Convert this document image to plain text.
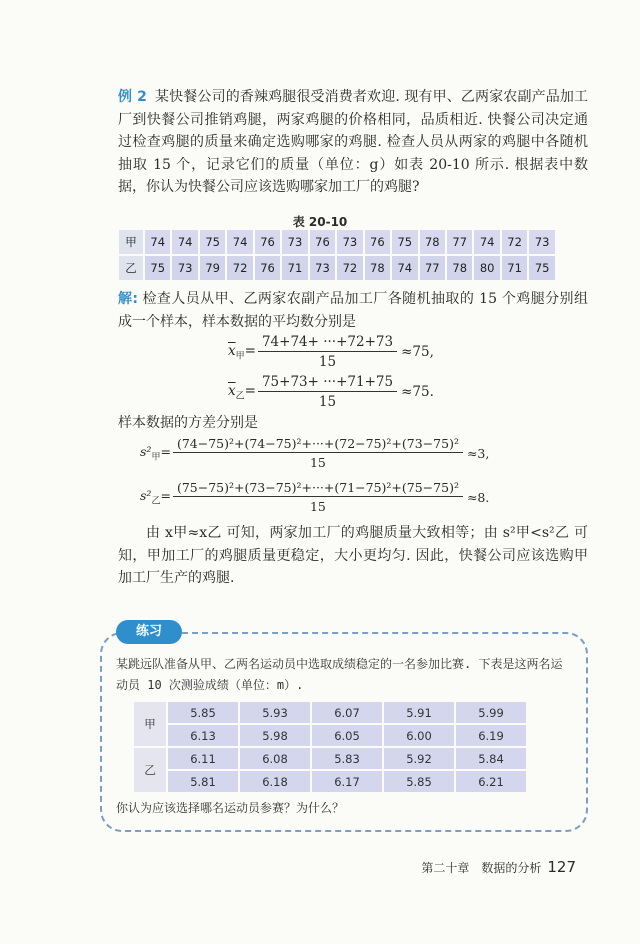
例 2 某快餐公司的香辣鸡腿很受消费者欢迎. 现有甲、乙两家农副产品加工厂到快餐公司推销鸡腿，两家鸡腿的价格相同，品质相近. 快餐公司决定通过检查鸡腿的质量来确定选购哪家的鸡腿. 检查人员从两家的鸡腿中各随机抽取 15 个，记录它们的质量（单位：g）如表 20-10 所示. 根据表中数据，你认为快餐公司应该选购哪家加工厂的鸡腿?
表 20-10
甲	74	74	75	74	76	73	76	73	76	75	78	77	74	72	73
乙	75	73	79	72	76	71	73	72	78	74	77	78	80	71	75
解: 检查人员从甲、乙两家农副产品加工厂各随机抽取的 15 个鸡腿分别组成一个样本，样本数据的平均数分别是
$\overline{x}_甲= \frac{74+74+ \cdot\cdot\cdot+72+73}{15} \approx 75$,
$\overline{x}_乙= \frac{75+73+ \cdot\cdot\cdot+71+75}{15} \approx 75$.
样本数据的方差分别是
$s^2_甲= \frac{\text{(74−75)²+(74−75)²+···+(72−75)²+(73−75)²}}{15} \approx 3$,
$s^2_乙= \frac{\text{(75−75)²+(73−75)²+···+(71−75)²+(75−75)²}}{15} \approx 8$.
由 x甲≈x乙 可知，两家加工厂的鸡腿质量大致相等；由 s²甲<s²乙 可知，甲加工厂的鸡腿质量更稳定，大小更均匀. 因此，快餐公司应该选购甲加工厂生产的鸡腿.
练习
某跳远队准备从甲、乙两名运动员中选取成绩稳定的一名参加比赛. 下表是这两名运动员 10 次测验成绩（单位：m）.
甲	5.85	5.93	6.07	5.91	5.99
	6.13	5.98	6.05	6.00	6.19
乙	6.11	6.08	5.83	5.92	5.84
	5.81	6.18	6.17	5.85	6.21
你认为应该选择哪名运动员参赛？为什么？
第二十章　数据的分析 127
